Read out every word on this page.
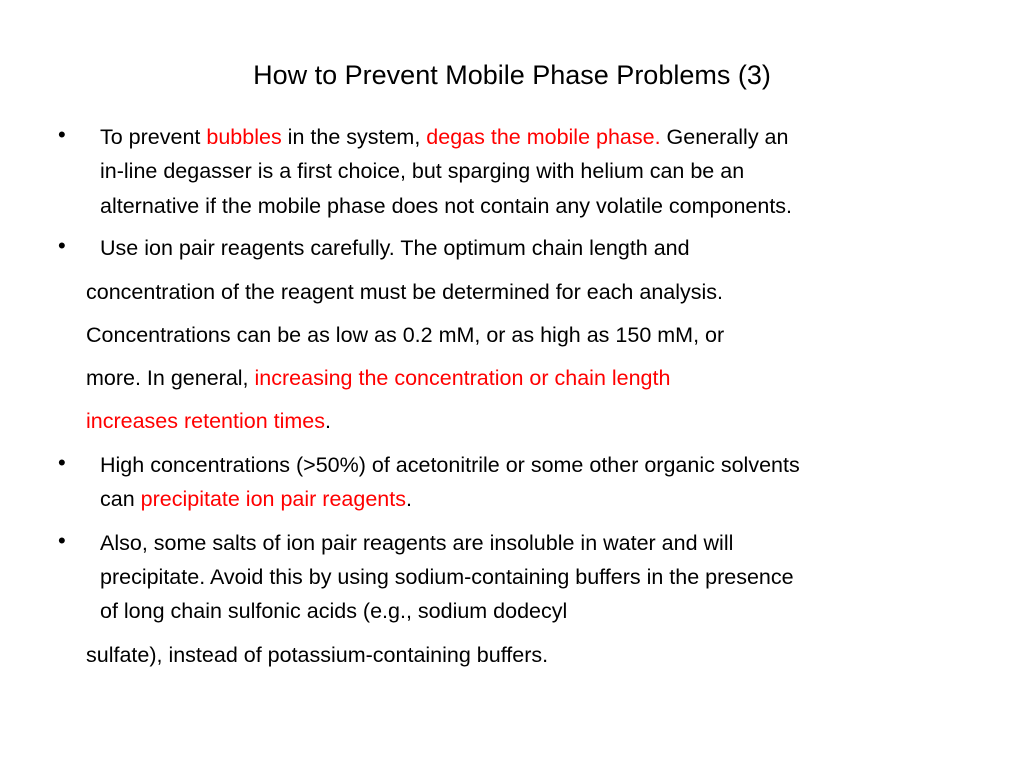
How to Prevent Mobile Phase Problems (3)
• To prevent bubbles in the system, degas the mobile phase. Generally an
in-line degasser is a first choice, but sparging with helium can be an
alternative if the mobile phase does not contain any volatile components.
• Use ion pair reagents carefully. The optimum chain length and
concentration of the reagent must be determined for each analysis.
Concentrations can be as low as 0.2 mM, or as high as 150 mM, or
more. In general, increasing the concentration or chain length
increases retention times.
• High concentrations (>50%) of acetonitrile or some other organic solvents
can precipitate ion pair reagents.
• Also, some salts of ion pair reagents are insoluble in water and will
precipitate. Avoid this by using sodium-containing buffers in the presence
of long chain sulfonic acids (e.g., sodium dodecyl
sulfate), instead of potassium-containing buffers.
